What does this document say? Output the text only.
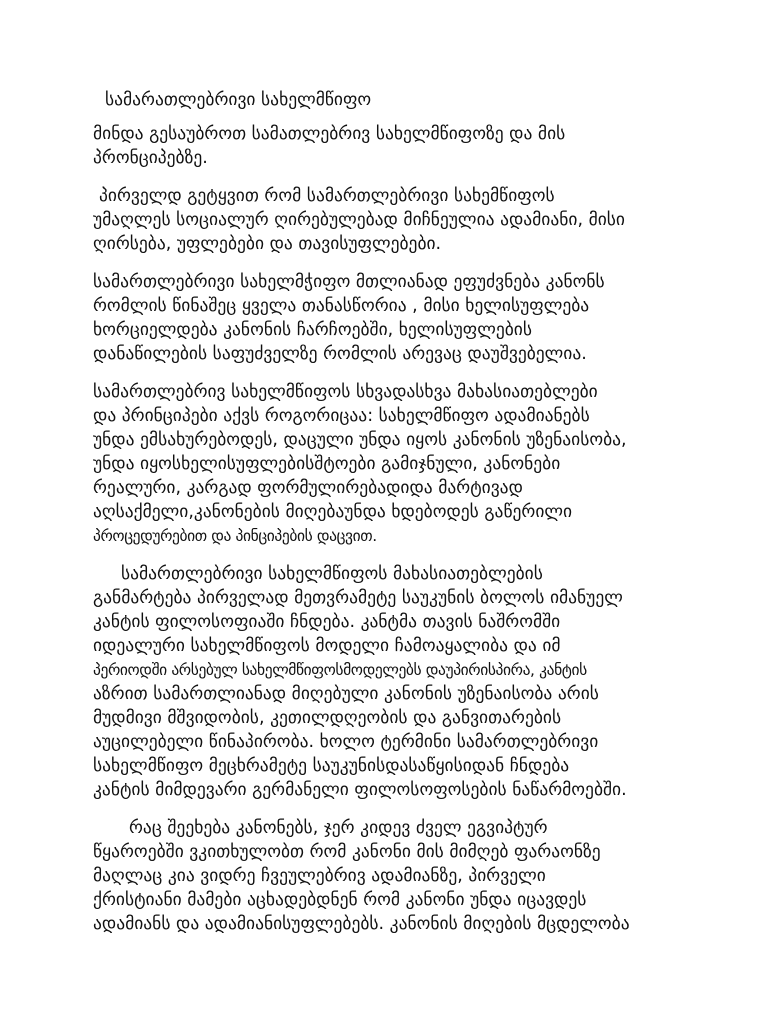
სამარათლებრივი სახელმწიფო
მინდა გესაუბროთ სამათლებრივ სახელმწიფოზე და მის
პრონციპებზე.
პირველდ გეტყვით რომ სამართლებრივი სახემწიფოს
უმაღლეს სოციალურ ღირებულებად მიჩნეულია ადამიანი, მისი
ღირსება, უფლებები და თავისუფლებები.
სამართლებრივი სახელმჭიფო მთლიანად ეფუძვნება კანონს
რომლის წინაშეც ყველა თანასწორია , მისი ხელისუფლება
ხორციელდება კანონის ჩარჩოებში, ხელისუფლების
დანაწილების საფუძველზე რომლის არევაც დაუშვებელია.
სამართლებრივ სახელმწიფოს სხვადასხვა მახასიათებლები
და პრინციპები აქვს როგორიცაა: სახელმწიფო ადამიანებს
უნდა ემსახურებოდეს, დაცული უნდა იყოს კანონის უზენაისობა,
უნდა იყოსხელისუფლებისშტოები გამიჯნული, კანონები
რეალური, კარგად ფორმულირებადიდა მარტივად
აღსაქმელი,კანონების მიღებაუნდა ხდებოდეს გაწერილი
პროცედურებით და პინციპების დაცვით.
სამართლებრივი სახელმწიფოს მახასიათებლების
განმარტება პირველად მეთვრამეტე საუკუნის ბოლოს იმანუელ
კანტის ფილოსოფიაში ჩნდება. კანტმა თავის ნაშრომში
იდეალური სახელმწიფოს მოდელი ჩამოაყალიბა და იმ
პერიოდში არსებულ სახელმწიფოსმოდელებს დაუპირისპირა, კანტის
აზრით სამართლიანად მიღებული კანონის უზენაისობა არის
მუდმივი მშვიდობის, კეთილდღეობის და განვითარების
აუცილებელი წინაპირობა. ხოლო ტერმინი სამართლებრივი
სახელმწიფო მეცხრამეტე საუკუნისდასაწყისიდან ჩნდება
კანტის მიმდევარი გერმანელი ფილოსოფოსების ნაწარმოებში.
რაც შეეხება კანონებს, ჯერ კიდევ ძველ ეგვიპტურ
წყაროებში ვკითხულობთ რომ კანონი მის მიმღებ ფარაონზე
მაღლაც კია ვიდრე ჩვეულებრივ ადამიანზე, პირველი
ქრისტიანი მამები აცხადებდნენ რომ კანონი უნდა იცავდეს
ადამიანს და ადამიანისუფლებებს. კანონის მიღების მცდელობა
